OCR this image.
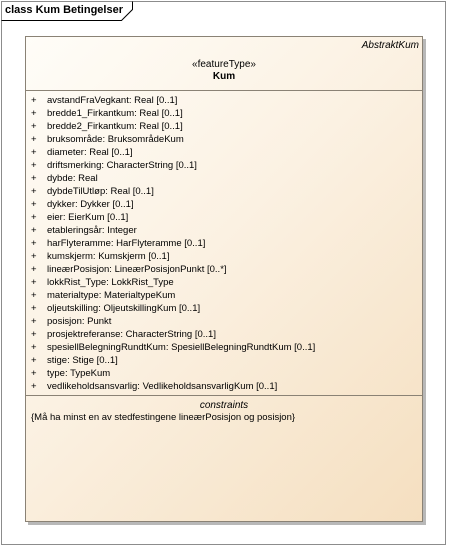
class Kum Betingelser
AbstraktKum
«featureType»
Kum
+ avstandFraVegkant: Real [0..1]
+ bredde1_Firkantkum: Real [0..1]
+ bredde2_Firkantkum: Real [0..1]
+ bruksområde: BruksområdeKum
+ diameter: Real [0..1]
+ driftsmerking: CharacterString [0..1]
+ dybde: Real
+ dybdeTilUtløp: Real [0..1]
+ dykker: Dykker [0..1]
+ eier: EierKum [0..1]
+ etableringsår: Integer
+ harFlyteramme: HarFlyteramme [0..1]
+ kumskjerm: Kumskjerm [0..1]
+ lineærPosisjon: LineærPosisjonPunkt [0..*]
+ lokkRist_Type: LokkRist_Type
+ materialtype: MaterialtypeKum
+ oljeutskilling: OljeutskillingKum [0..1]
+ posisjon: Punkt
+ prosjektreferanse: CharacterString [0..1]
+ spesiellBelegningRundtKum: SpesiellBelegningRundtKum [0..1]
+ stige: Stige [0..1]
+ type: TypeKum
+ vedlikeholdsansvarlig: VedlikeholdsansvarligKum [0..1]
constraints
{Må ha minst en av stedfestingene lineærPosisjon og posisjon}
